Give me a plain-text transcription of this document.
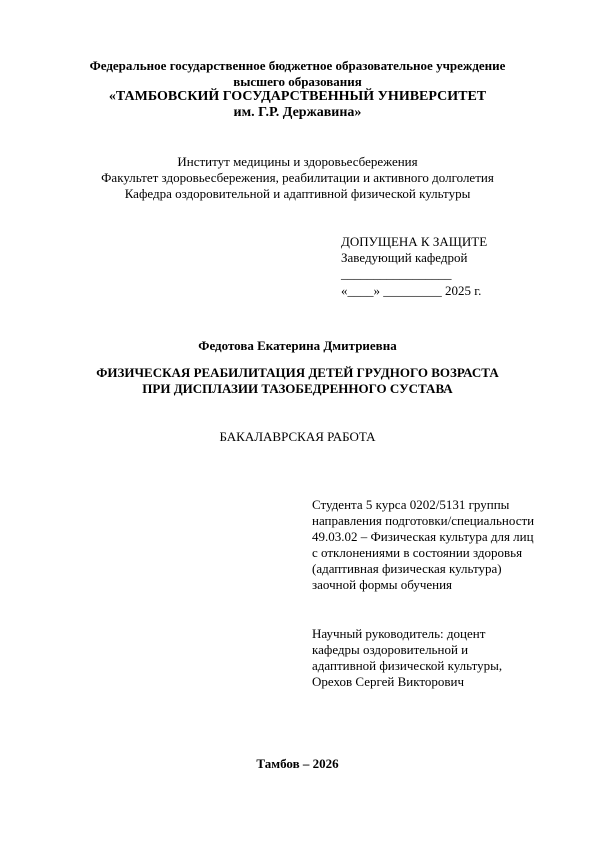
Федеральное государственное бюджетное образовательное учреждение
высшего образования
«ТАМБОВСКИЙ ГОСУДАРСТВЕННЫЙ УНИВЕРСИТЕТ
им. Г.Р. Державина»
Институт медицины и здоровьесбережения
Факультет здоровьесбережения, реабилитации и активного долголетия
Кафедра оздоровительной и адаптивной физической культуры
ДОПУЩЕНА К ЗАЩИТЕ
Заведующий кафедрой
_________________
«____» _________ 2025 г.
Федотова Екатерина Дмитриевна
ФИЗИЧЕСКАЯ РЕАБИЛИТАЦИЯ ДЕТЕЙ ГРУДНОГО ВОЗРАСТА
ПРИ ДИСПЛАЗИИ ТАЗОБЕДРЕННОГО СУСТАВА
БАКАЛАВРСКАЯ РАБОТА
Студента 5 курса 0202/5131 группы
направления подготовки/специальности
49.03.02 – Физическая культура для лиц
с отклонениями в состоянии здоровья
(адаптивная физическая культура)
заочной формы обучения
Научный руководитель: доцент
кафедры оздоровительной и
адаптивной физической культуры,
Орехов Сергей Викторович
Тамбов – 2026
